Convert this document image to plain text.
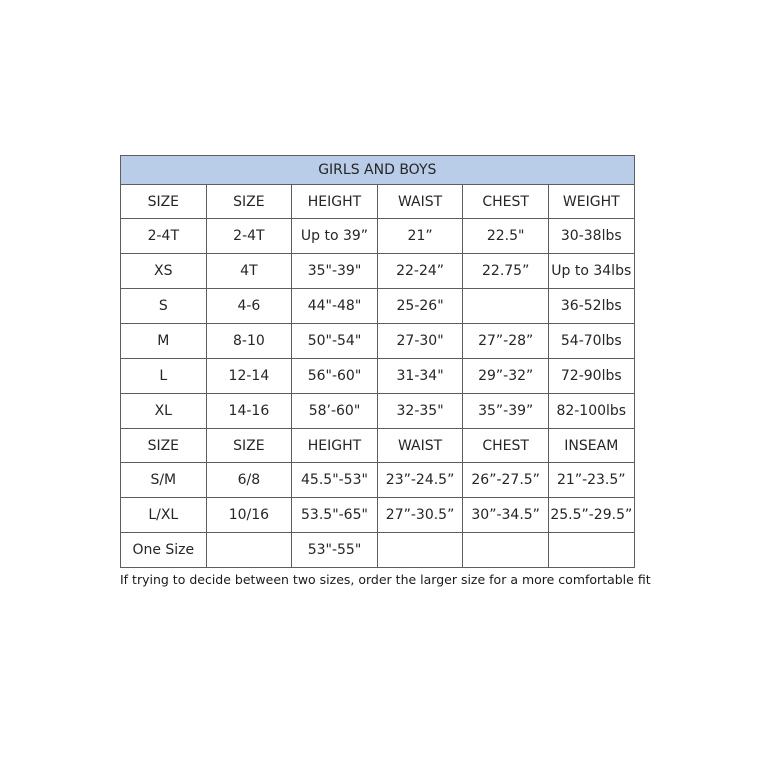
GIRLS AND BOYS					
SIZE	SIZE	HEIGHT	WAIST	CHEST	WEIGHT
2-4T	2-4T	Up to 39”	21”	22.5"	30-38lbs
XS	4T	35"-39"	22-24”	22.75”	Up to 34lbs
S	4-6	44"-48"	25-26"		36-52lbs
M	8-10	50"-54"	27-30"	27”-28”	54-70lbs
L	12-14	56"-60"	31-34"	29”-32”	72-90lbs
XL	14-16	58’-60"	32-35"	35”-39”	82-100lbs
SIZE	SIZE	HEIGHT	WAIST	CHEST	INSEAM
S/M	6/8	45.5"-53"	23”-24.5”	26”-27.5”	21”-23.5”
L/XL	10/16	53.5"-65"	27”-30.5”	30”-34.5”	25.5”-29.5”
One Size		53"-55"			
If trying to decide between two sizes, order the larger size for a more comfortable fit
